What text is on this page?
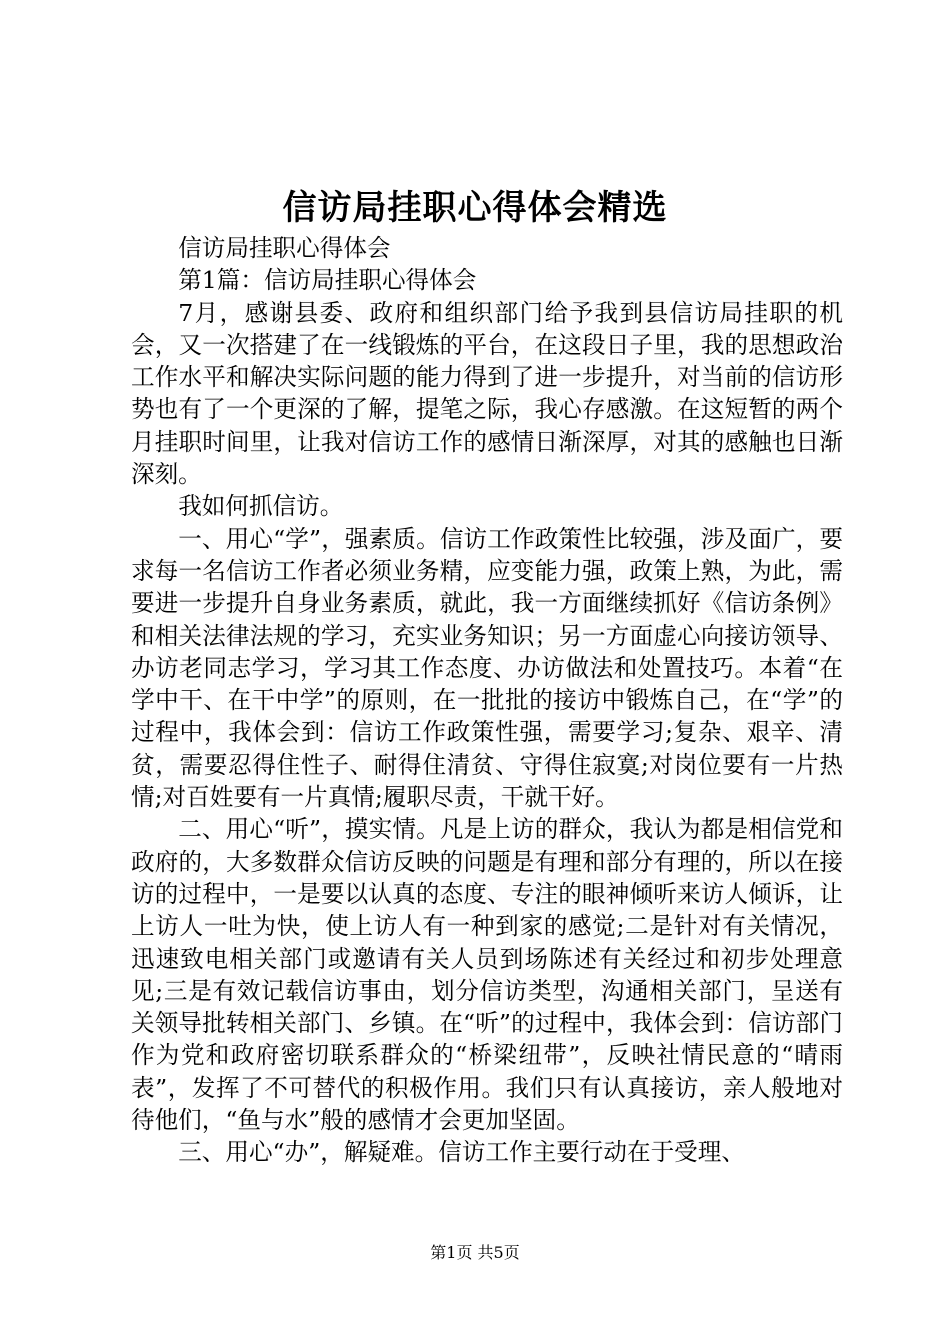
信访局挂职心得体会精选

信访局挂职心得体会

第1篇：信访局挂职心得体会

7月，感谢县委、政府和组织部门给予我到县信访局挂职的机会，又一次搭建了在一线锻炼的平台，在这段日子里，我的思想政治工作水平和解决实际问题的能力得到了进一步提升，对当前的信访形势也有了一个更深的了解，提笔之际，我心存感激。在这短暂的两个月挂职时间里，让我对信访工作的感情日渐深厚，对其的感触也日渐深刻。

我如何抓信访。

一、用心“学”，强素质。信访工作政策性比较强，涉及面广，要求每一名信访工作者必须业务精，应变能力强，政策上熟，为此，需要进一步提升自身业务素质，就此，我一方面继续抓好《信访条例》和相关法律法规的学习，充实业务知识；另一方面虚心向接访领导、办访老同志学习，学习其工作态度、办访做法和处置技巧。本着“在学中干、在干中学”的原则，在一批批的接访中锻炼自己，在“学”的过程中，我体会到：信访工作政策性强，需要学习;复杂、艰辛、清贫，需要忍得住性子、耐得住清贫、守得住寂寞;对岗位要有一片热情;对百姓要有一片真情;履职尽责，干就干好。

二、用心“听”，摸实情。凡是上访的群众，我认为都是相信党和政府的，大多数群众信访反映的问题是有理和部分有理的，所以在接访的过程中，一是要以认真的态度、专注的眼神倾听来访人倾诉，让上访人一吐为快，使上访人有一种到家的感觉;二是针对有关情况，迅速致电相关部门或邀请有关人员到场陈述有关经过和初步处理意见;三是有效记载信访事由，划分信访类型，沟通相关部门，呈送有关领导批转相关部门、乡镇。在“听”的过程中，我体会到：信访部门作为党和政府密切联系群众的“桥梁纽带”，反映社情民意的“晴雨表”，发挥了不可替代的积极作用。我们只有认真接访，亲人般地对待他们，“鱼与水”般的感情才会更加坚固。

三、用心“办”，解疑难。信访工作主要行动在于受理、

第1页 共5页
